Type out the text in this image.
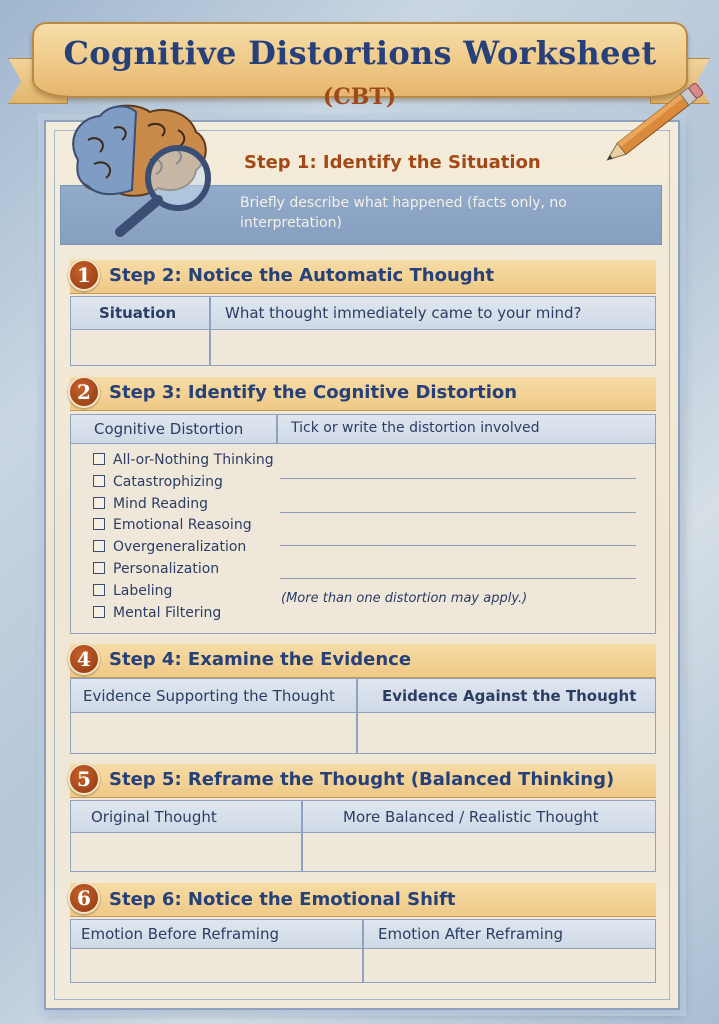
Cognitive Distortions Worksheet
(CBT)
Step 1: Identify the Situation
Briefly describe what happened (facts only, no interpretation)
1	Step 2: Notice the Automatic Thought
Situation	What thought immediately came to your mind?
2	Step 3: Identify the Cognitive Distortion
Cognitive Distortion	Tick or write the distortion involved
All-or-Nothing Thinking
Catastrophizing
Mind Reading
Emotional Reasoing
Overgeneralization
Personalization
Labeling
Mental Filtering
(More than one distortion may apply.)
4	Step 4: Examine the Evidence
Evidence Supporting the Thought	Evidence Against the Thought
5	Step 5: Reframe the Thought (Balanced Thinking)
Original Thought	More Balanced / Realistic Thought
6	Step 6: Notice the Emotional Shift
Emotion Before Reframing	Emotion After Reframing
